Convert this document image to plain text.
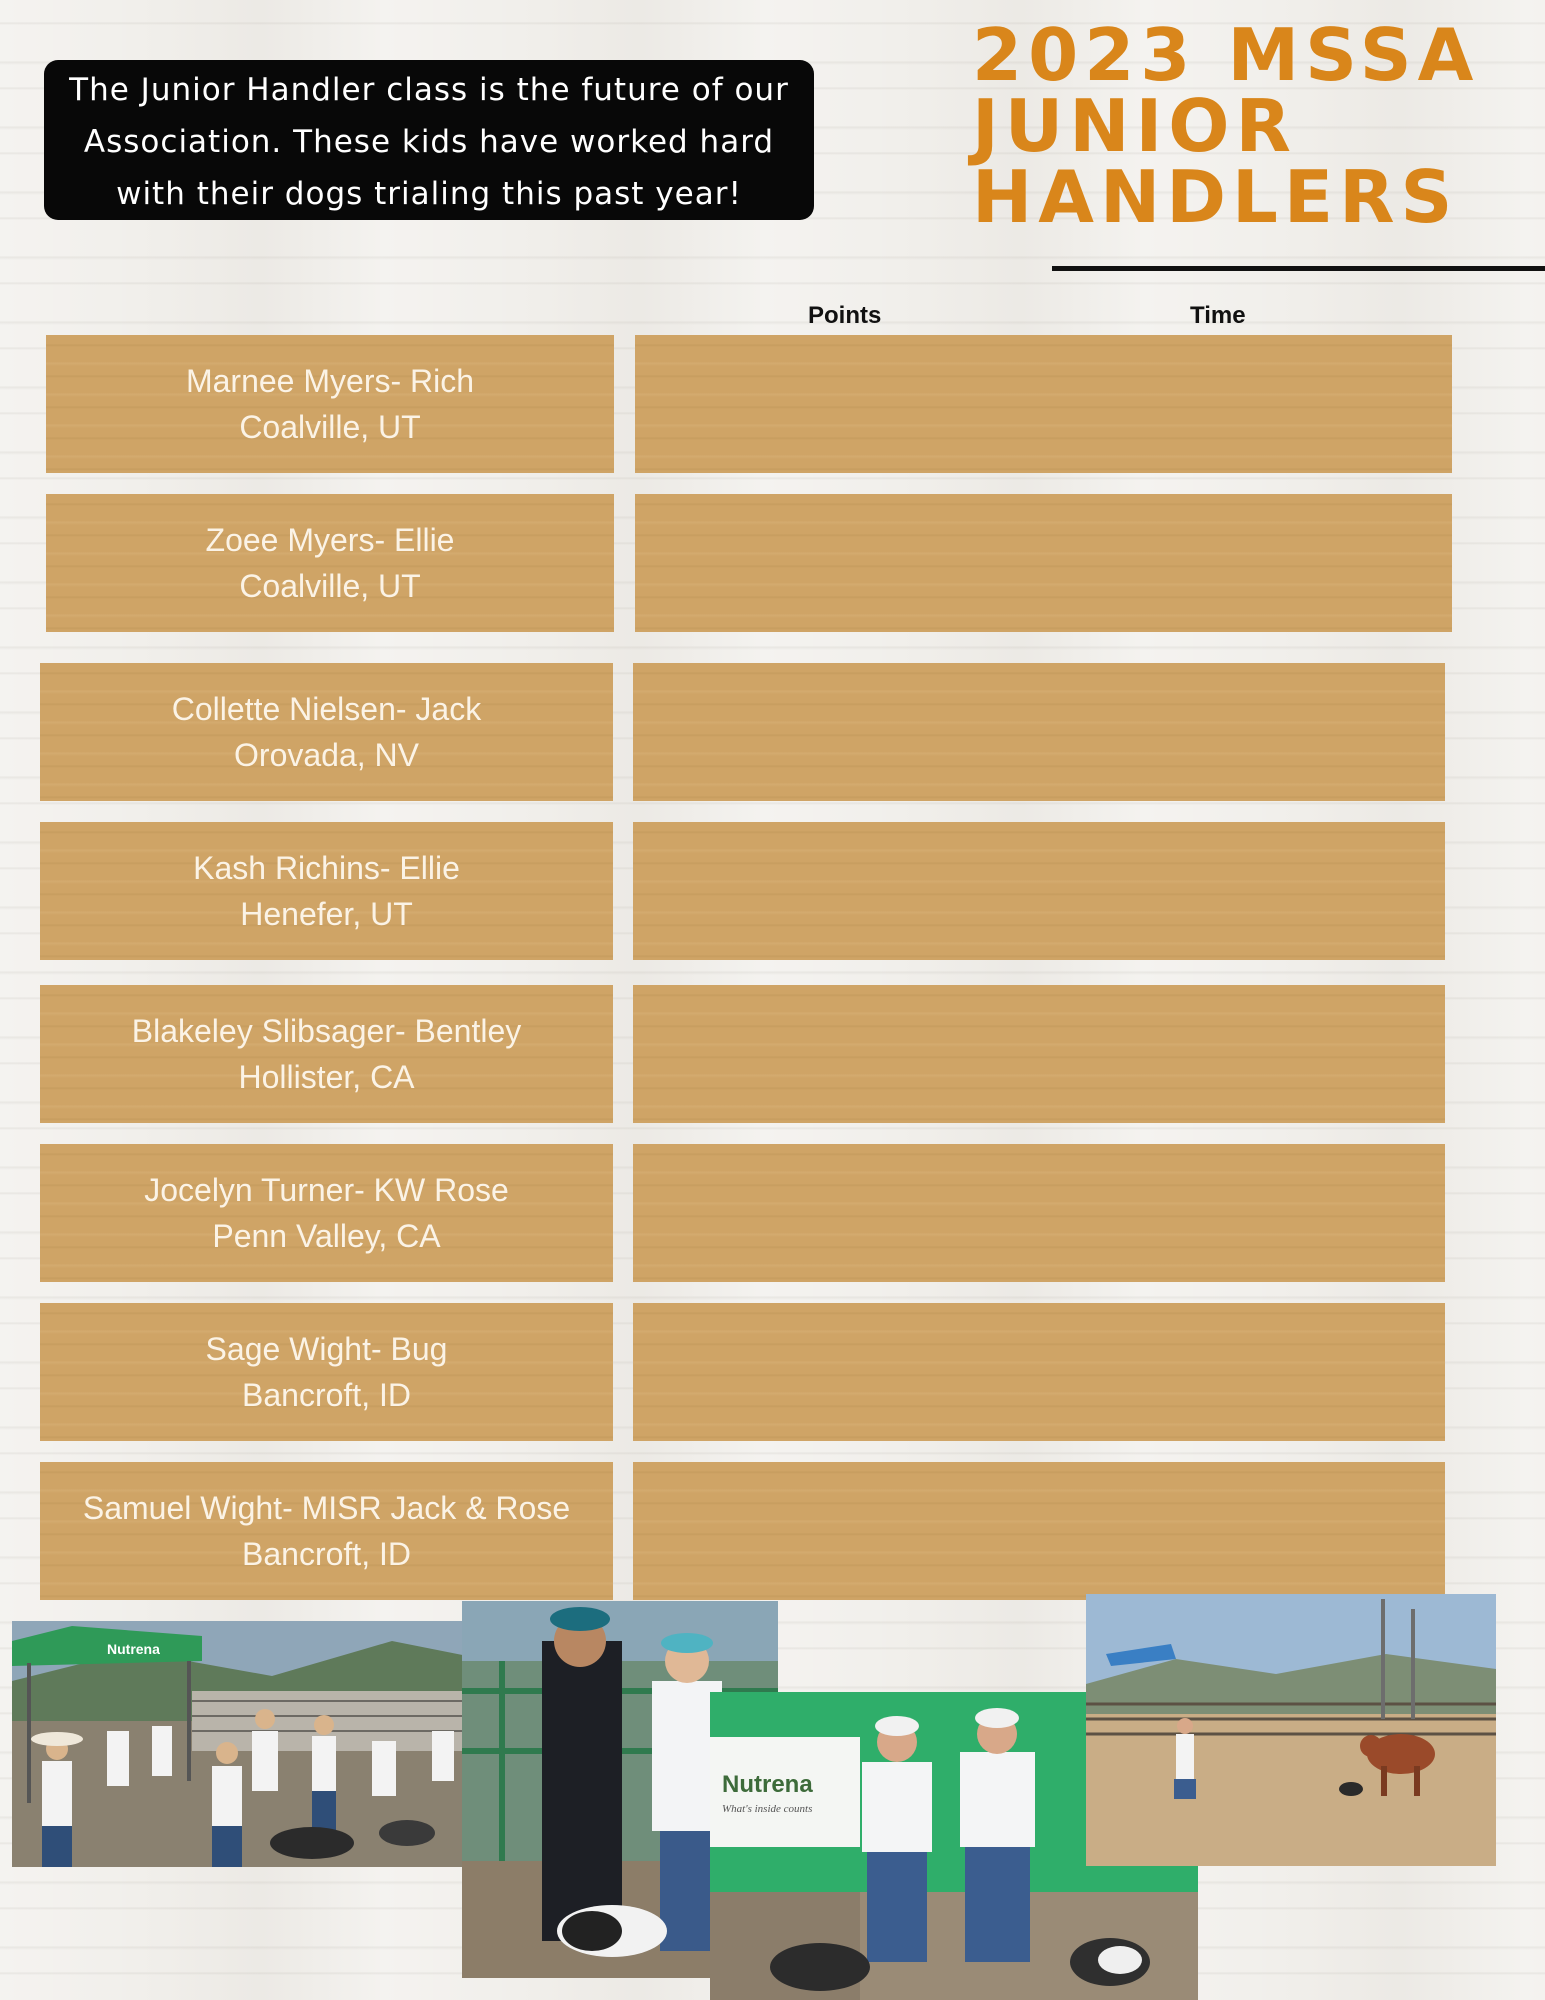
The Junior Handler class is the future of our
Association. These kids have worked hard
with their dogs trialing this past year!
2023 MSSA
JUNIOR
HANDLERS
Points	Time
Marnee Myers- Rich
Coalville, UT
Zoee Myers- Ellie
Coalville, UT
Collette Nielsen- Jack
Orovada, NV
Kash Richins- Ellie
Henefer, UT
Blakeley Slibsager- Bentley
Hollister, CA
Jocelyn Turner- KW Rose
Penn Valley, CA
Sage Wight- Bug
Bancroft, ID
Samuel Wight- MISR Jack & Rose
Bancroft, ID
Nutrena
Nutrena
What's inside counts
